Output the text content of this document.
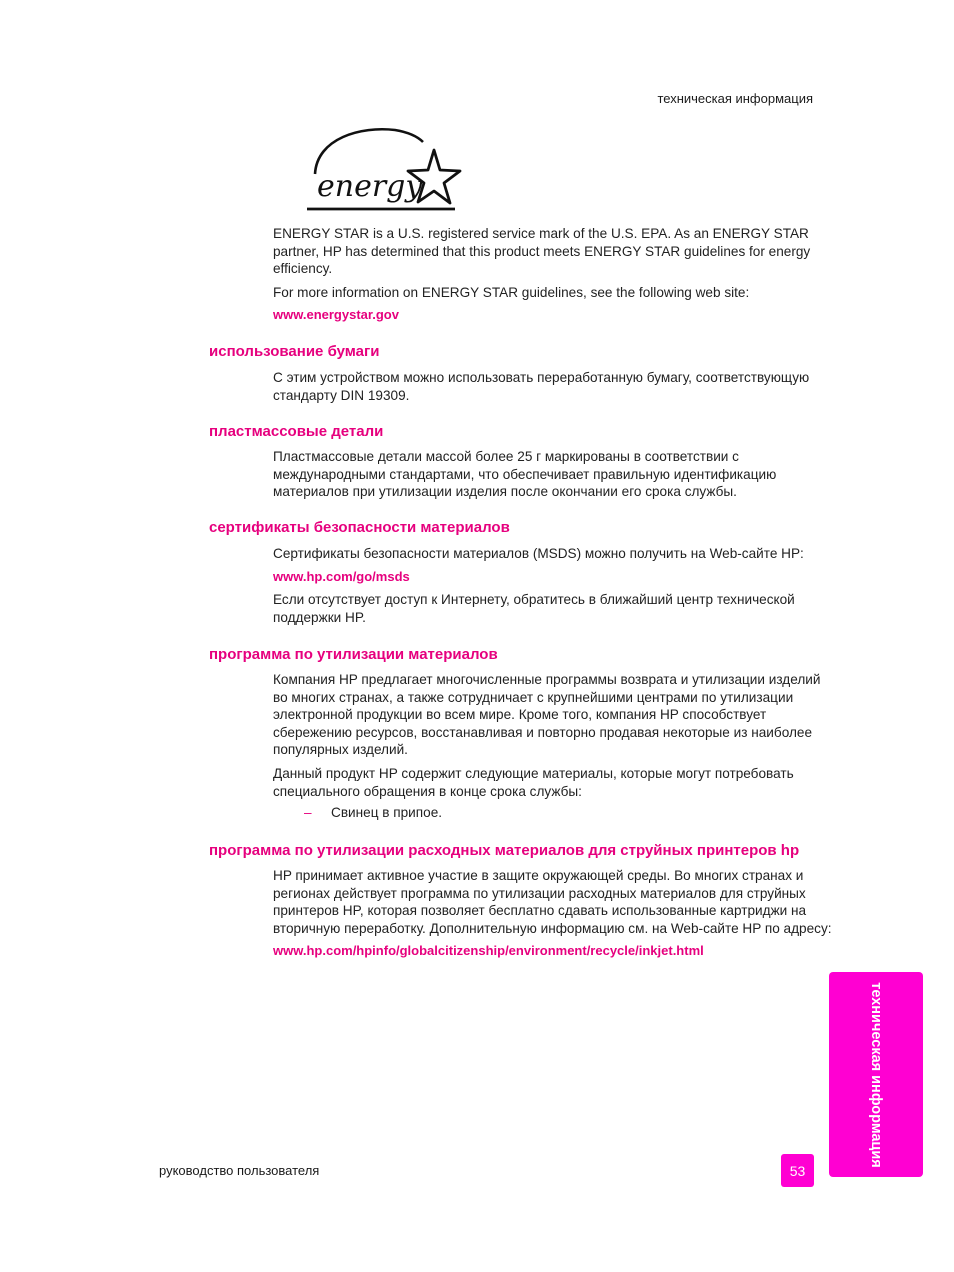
техническая информация
energy

ENERGY STAR is a U.S. registered service mark of the U.S. EPA. As an ENERGY STAR partner, HP has determined that this product meets ENERGY STAR guidelines for energy efficiency.

For more information on ENERGY STAR guidelines, see the following web site:

www.energystar.gov
использование бумаги

С этим устройством можно использовать переработанную бумагу, соответствующую стандарту DIN 19309.

пластмассовые детали

Пластмассовые детали массой более 25 г маркированы в соответствии с международными стандартами, что обеспечивает правильную идентификацию материалов при утилизации изделия после окончании его срока службы.

сертификаты безопасности материалов

Сертификаты безопасности материалов (MSDS) можно получить на Web-сайте HP:

www.hp.com/go/msds

Если отсутствует доступ к Интернету, обратитесь в ближайший центр технической поддержки HP.

программа по утилизации материалов

Компания HP предлагает многочисленные программы возврата и утилизации изделий во многих странах, а также сотрудничает с крупнейшими центрами по утилизации электронной продукции во всем мире. Кроме того, компания HP способствует сбережению ресурсов, восстанавливая и повторно продавая некоторые из наиболее популярных изделий.

Данный продукт HP содержит следующие материалы, которые могут потребовать специального обращения в конце срока службы:

– Свинец в припое.
программа по утилизации расходных материалов для струйных принтеров hp

HP принимает активное участие в защите окружающей среды. Во многих странах и регионах действует программа по утилизации расходных материалов для струйных принтеров HP, которая позволяет бесплатно сдавать использованные картриджи на вторичную переработку. Дополнительную информацию см. на Web-сайте HP по адресу:

www.hp.com/hpinfo/globalcitizenship/environment/recycle/inkjet.html
техническая информация
руководство пользователя	53
